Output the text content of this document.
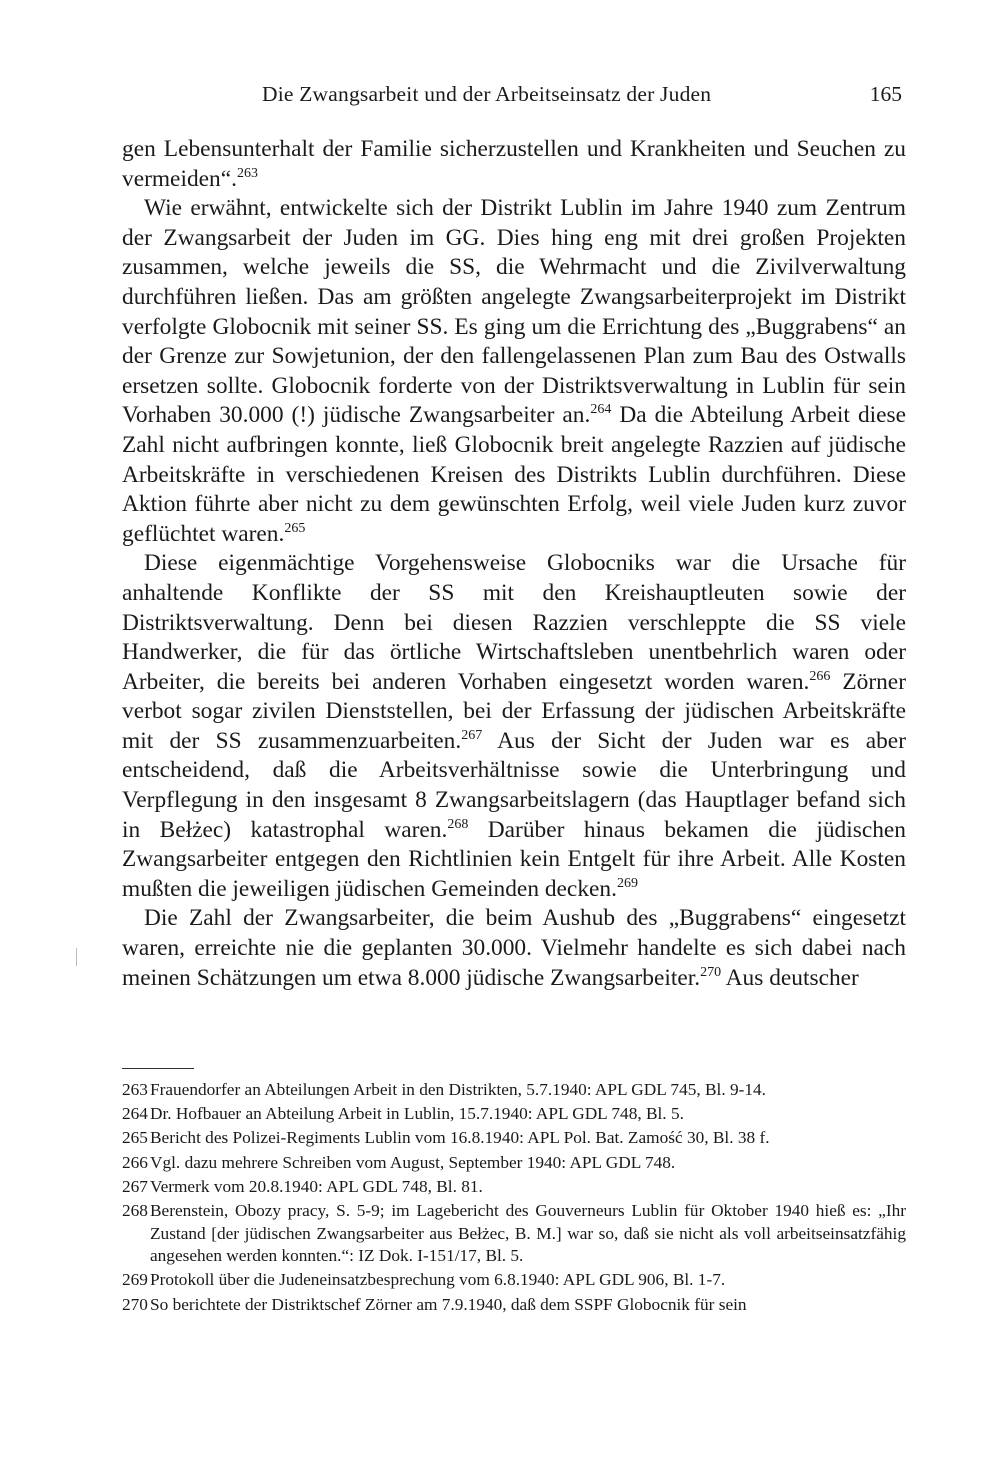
Die Zwangsarbeit und der Arbeitseinsatz der Juden	165

gen Lebensunterhalt der Familie sicherzustellen und Krankheiten und Seuchen zu vermeiden“.$^{263}$

Wie erwähnt, entwickelte sich der Distrikt Lublin im Jahre 1940 zum Zentrum der Zwangsarbeit der Juden im GG. Dies hing eng mit drei großen Projekten zusammen, welche jeweils die SS, die Wehrmacht und die Zivilverwaltung durchführen ließen. Das am größten angelegte Zwangsarbeiterprojekt im Distrikt verfolgte Globocnik mit seiner SS. Es ging um die Errichtung des „Buggrabens“ an der Grenze zur Sowjetunion, der den fallengelassenen Plan zum Bau des Ostwalls ersetzen sollte. Globocnik forderte von der Distriktsverwaltung in Lublin für sein Vorhaben 30.000 (!) jüdische Zwangsarbeiter an.$^{264}$ Da die Abteilung Arbeit diese Zahl nicht aufbringen konnte, ließ Globocnik breit angelegte Razzien auf jüdische Arbeitskräfte in verschiedenen Kreisen des Distrikts Lublin durchführen. Diese Aktion führte aber nicht zu dem gewünschten Erfolg, weil viele Juden kurz zuvor geflüchtet waren.$^{265}$

Diese eigenmächtige Vorgehensweise Globocniks war die Ursache für anhaltende Konflikte der SS mit den Kreishauptleuten sowie der Distriktsverwaltung. Denn bei diesen Razzien verschleppte die SS viele Handwerker, die für das örtliche Wirtschaftsleben unentbehrlich waren oder Arbeiter, die bereits bei anderen Vorhaben eingesetzt worden waren.$^{266}$ Zörner verbot sogar zivilen Dienststellen, bei der Erfassung der jüdischen Arbeitskräfte mit der SS zusammenzuarbeiten.$^{267}$ Aus der Sicht der Juden war es aber entscheidend, daß die Arbeitsverhältnisse sowie die Unterbringung und Verpflegung in den insgesamt 8 Zwangsarbeitslagern (das Hauptlager befand sich in Bełżec) katastrophal waren.$^{268}$ Darüber hinaus bekamen die jüdischen Zwangsarbeiter entgegen den Richtlinien kein Entgelt für ihre Arbeit. Alle Kosten mußten die jeweiligen jüdischen Gemeinden decken.$^{269}$

Die Zahl der Zwangsarbeiter, die beim Aushub des „Buggrabens“ eingesetzt waren, erreichte nie die geplanten 30.000. Vielmehr handelte es sich dabei nach meinen Schätzungen um etwa 8.000 jüdische Zwangsarbeiter.$^{270}$ Aus deutscher

263 Frauendorfer an Abteilungen Arbeit in den Distrikten, 5.7.1940: APL GDL 745, Bl. 9-14.
264 Dr. Hofbauer an Abteilung Arbeit in Lublin, 15.7.1940: APL GDL 748, Bl. 5.
265 Bericht des Polizei-Regiments Lublin vom 16.8.1940: APL Pol. Bat. Zamość 30, Bl. 38 f.
266 Vgl. dazu mehrere Schreiben vom August, September 1940: APL GDL 748.
267 Vermerk vom 20.8.1940: APL GDL 748, Bl. 81.
268 Berenstein, Obozy pracy, S. 5-9; im Lagebericht des Gouverneurs Lublin für Oktober 1940 hieß es: „Ihr Zustand [der jüdischen Zwangsarbeiter aus Bełżec, B. M.] war so, daß sie nicht als voll arbeitseinsatzfähig angesehen werden konnten.“: IZ Dok. I-151/17, Bl. 5.
269 Protokoll über die Judeneinsatzbesprechung vom 6.8.1940: APL GDL 906, Bl. 1-7.
270 So berichtete der Distriktschef Zörner am 7.9.1940, daß dem SSPF Globocnik für sein
